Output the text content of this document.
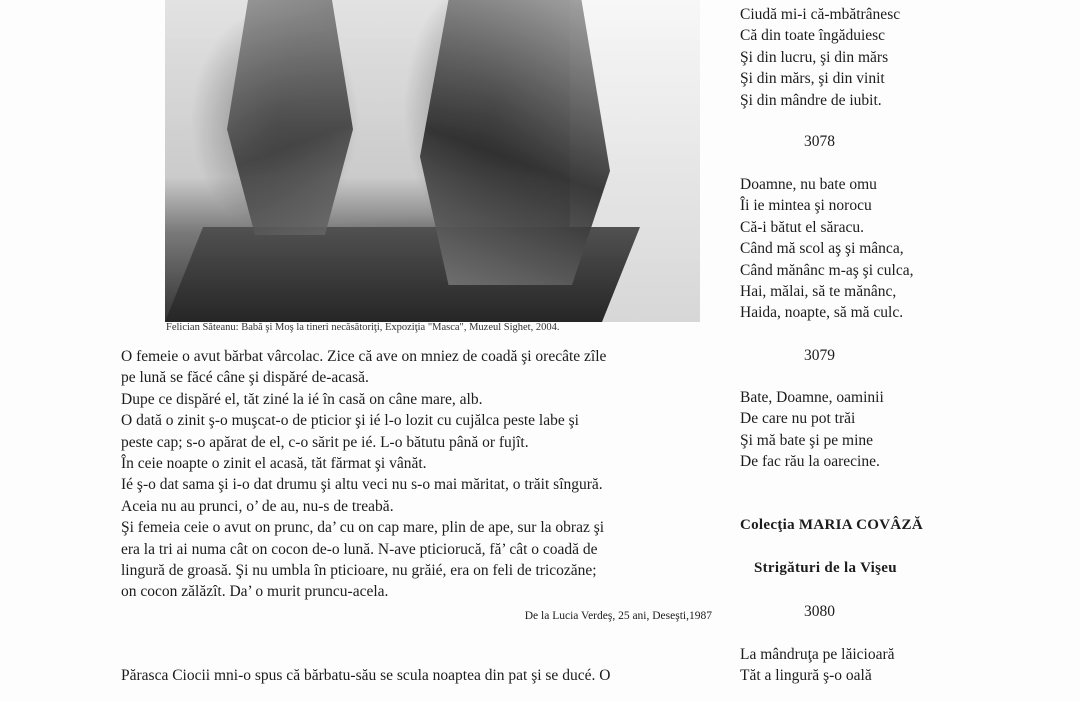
Felician Săteanu: Babă şi Moş la tineri necăsătoriţi, Expoziţia "Masca", Muzeul Sighet, 2004.

O femeie o avut bărbat vârcolac. Zice că ave on mniez de coadă şi orecâte zîle

pe lună se făcé câne şi dispăré de-acasă.

Dupe ce dispăré el, tăt ziné la ié în casă on câne mare, alb.

O dată o zinit ş-o muşcat-o de pticior şi ié l-o lozit cu cujălca peste labe şi

peste cap; s-o apărat de el, c-o sărit pe ié. L-o bătutu până or fujît.

În ceie noapte o zinit el acasă, tăt fărmat şi vânăt.

Ié ş-o dat sama şi i-o dat drumu şi altu veci nu s-o mai măritat, o trăit sîngură.

Aceia nu au prunci, o’ de au, nu-s de treabă.

Şi femeia ceie o avut on prunc, da’ cu on cap mare, plin de ape, sur la obraz şi

era la tri ai numa cât on cocon de-o lună. N-ave pticiorucă, fă’ cât o coadă de

lingură de groasă. Şi nu umbla în pticioare, nu grăié, era on feli de tricozăne;

on cocon zălăzît. Da’ o murit pruncu-acela.

De la Lucia Verdeş, 25 ani, Deseşti,1987

Părasca Ciocii mni-o spus că bărbatu-său se scula noaptea din pat şi se ducé. O

Ciudă mi-i că-mbătrânesc
Că din toate îngăduiesc
Şi din lucru, şi din mărs
Şi din mărs, şi din vinit
Şi din mândre de iubit.
3078
Doamne, nu bate omu
Îi ie mintea şi norocu
Că-i bătut el săracu.
Când mă scol aş şi mânca,
Când mănânc m-aş şi culca,
Hai, mălai, să te mănânc,
Haida, noapte, să mă culc.
3079
Bate, Doamne, oaminii
De care nu pot trăi
Şi mă bate şi pe mine
De fac rău la oarecine.
Colecţia MARIA COVÂZĂ
Strigături de la Vişeu
3080
La mândruţa pe lăicioară
Tăt a lingură ş-o oală
